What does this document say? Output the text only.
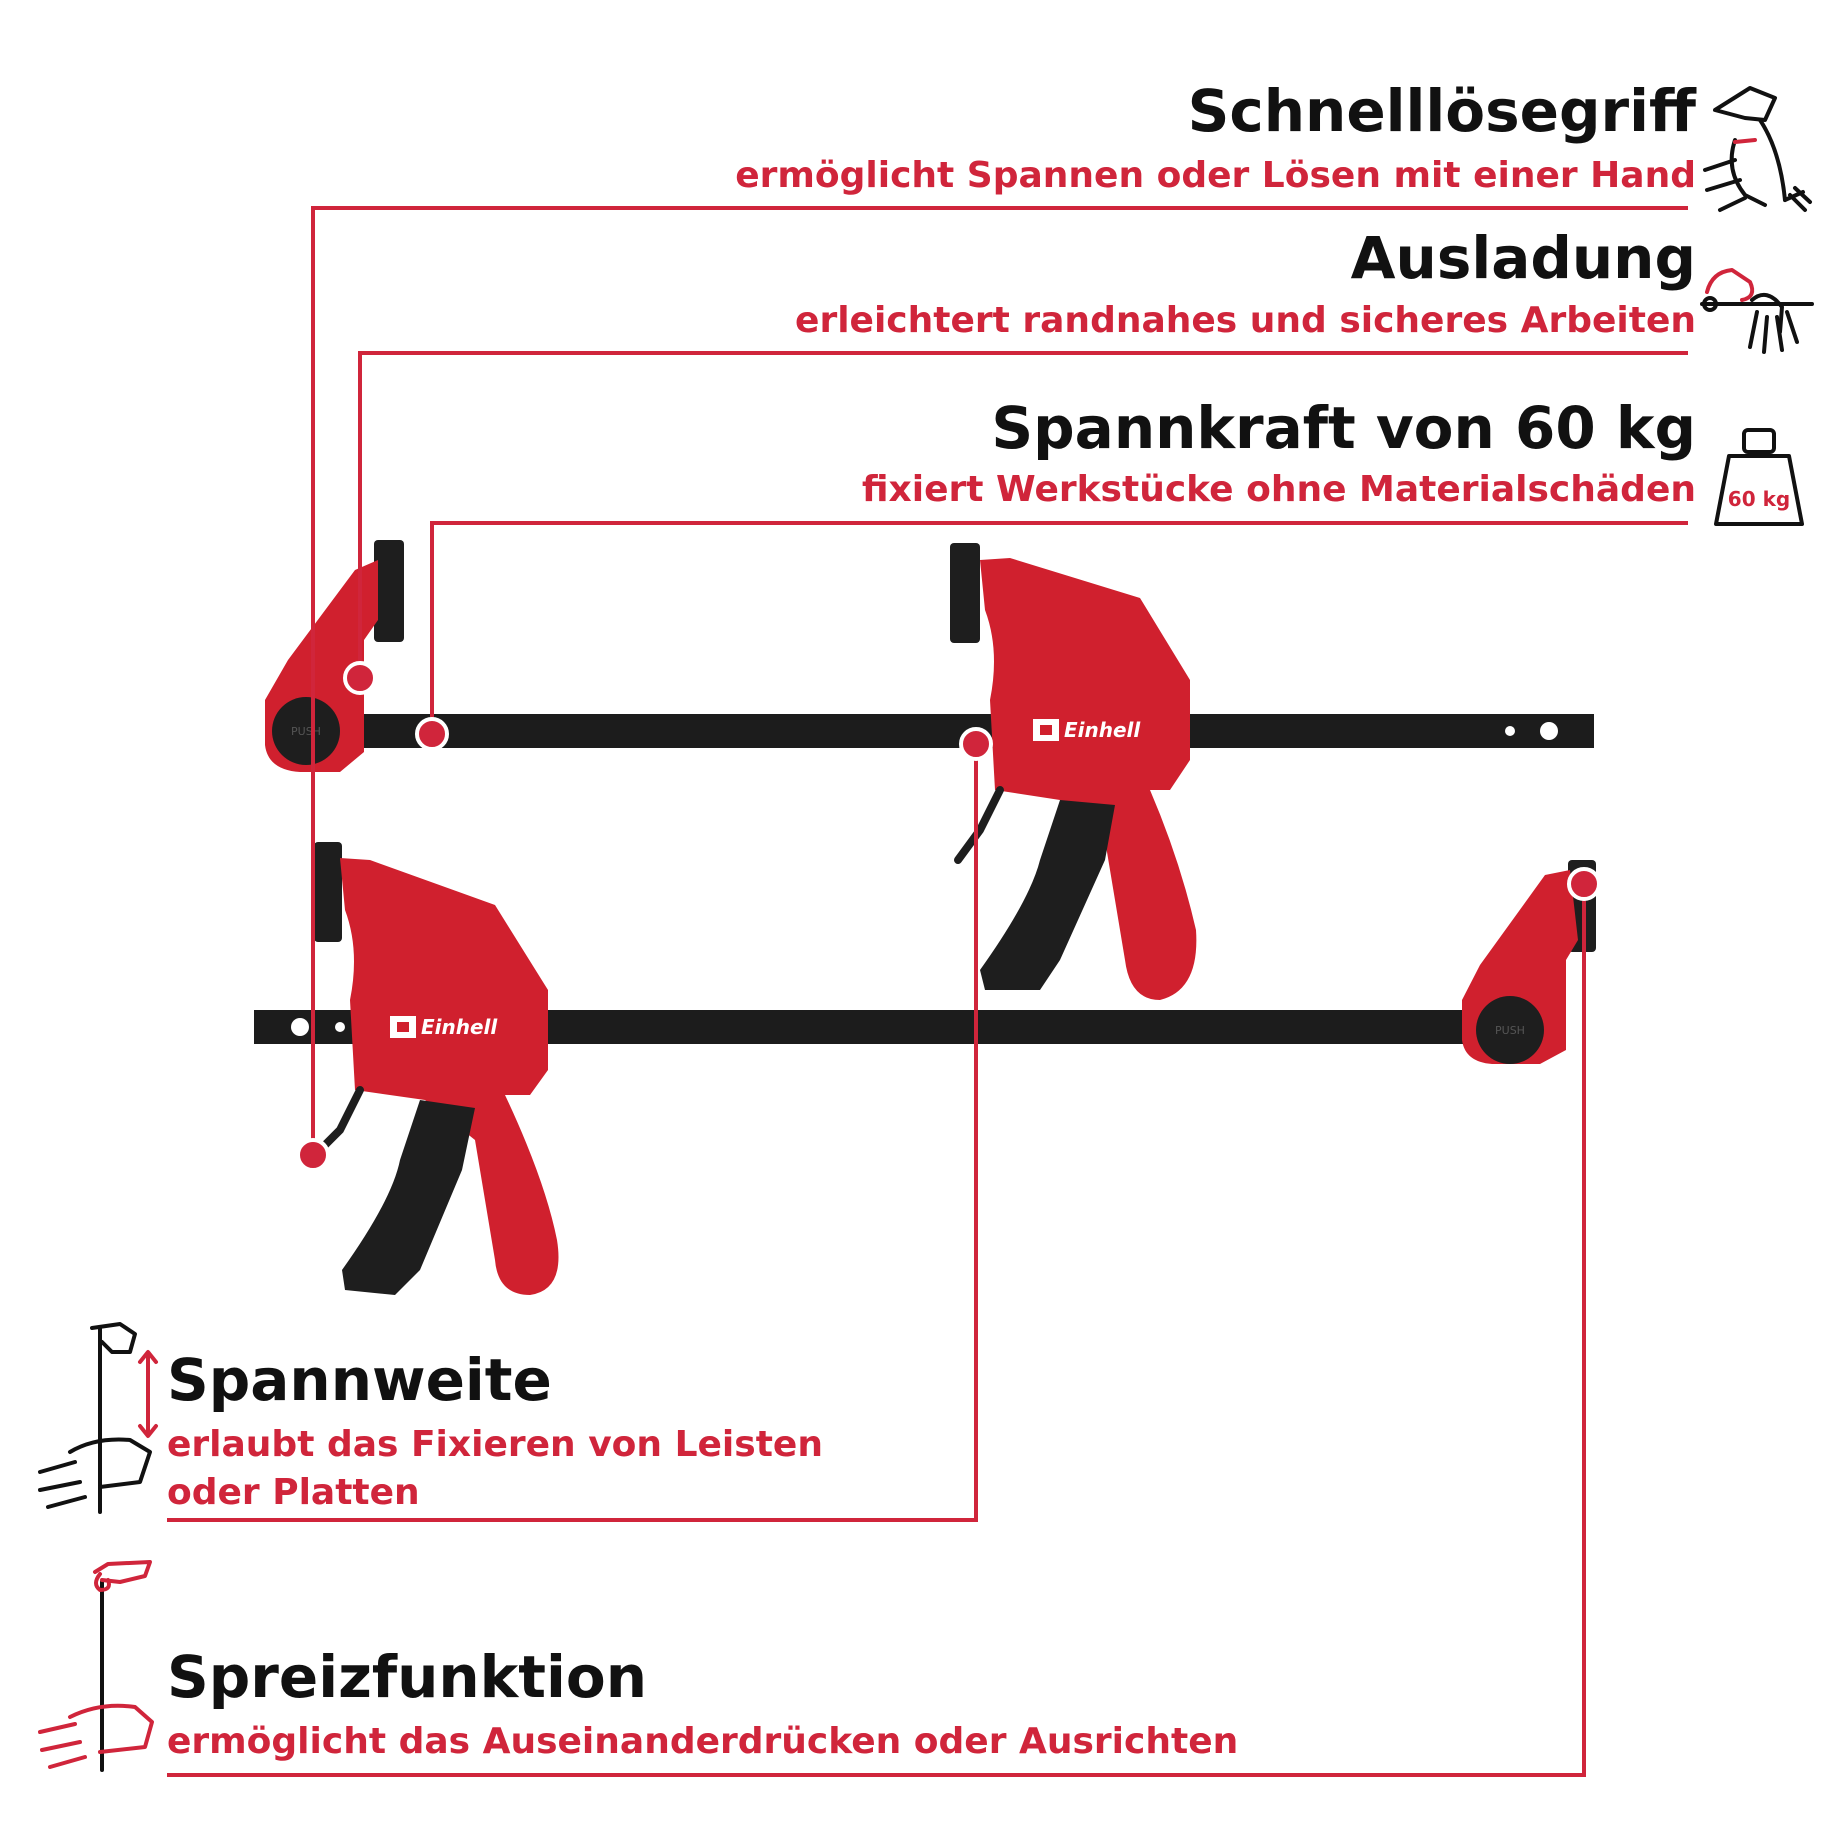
PUSH	Einhell
Einhell	PUSH
Schnelllösegriff
ermöglicht Spannen oder Lösen mit einer Hand
Ausladung
erleichtert randnahes und sicheres Arbeiten
Spannkraft von 60 kg
fixiert Werkstücke ohne Materialschäden
Spannweite
erlaubt das Fixieren von Leisten
oder Platten
Spreizfunktion
ermöglicht das Auseinanderdrücken oder Ausrichten
60 kg
